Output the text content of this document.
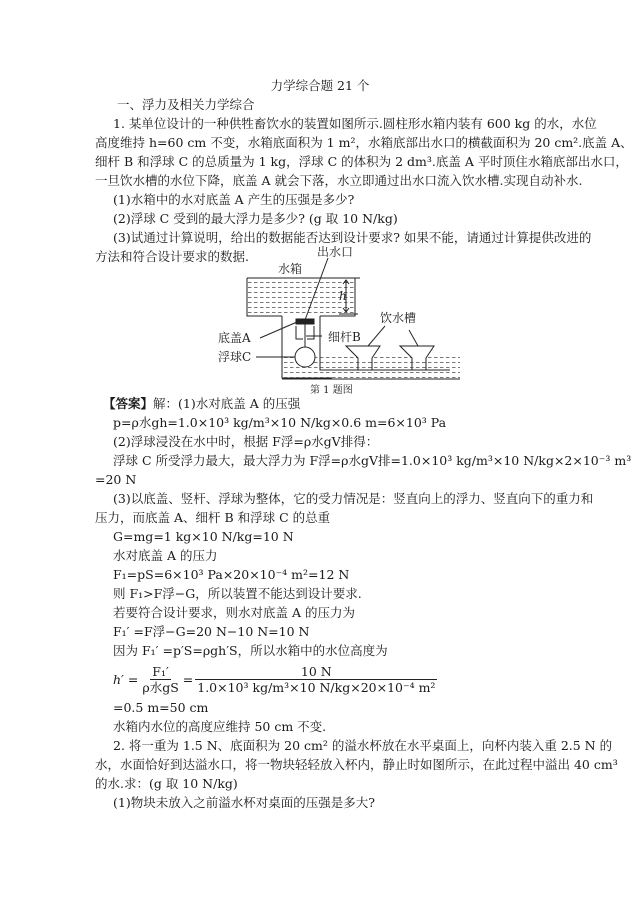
力学综合题 21 个
一、浮力及相关力学综合
1. 某单位设计的一种供牲畜饮水的装置如图所示.圆柱形水箱内装有 600 kg 的水，水位
高度维持 h=60 cm 不变，水箱底面积为 1 m²，水箱底部出水口的横截面积为 20 cm².底盖 A、
细杆 B 和浮球 C 的总质量为 1 kg，浮球 C 的体积为 2 dm³.底盖 A 平时顶住水箱底部出水口，
一旦饮水槽的水位下降，底盖 A 就会下落，水立即通过出水口流入饮水槽.实现自动补水.
(1)水箱中的水对底盖 A 产生的压强是多少?
(2)浮球 C 受到的最大浮力是多少? (g 取 10 N/kg)
(3)试通过计算说明，给出的数据能否达到设计要求? 如果不能，请通过计算提供改进的
方法和符合设计要求的数据.
h
水箱
出水口
底盖A	细杆B
饮水槽
浮球C
第 1 题图
【答案】解：(1)水对底盖 A 的压强
p=ρ水gh=1.0×10³ kg/m³×10 N/kg×0.6 m=6×10³ Pa
(2)浮球浸没在水中时，根据 F浮=ρ水gV排得：
浮球 C 所受浮力最大，最大浮力为 F浮=ρ水gV排=1.0×10³ kg/m³×10 N/kg×2×10⁻³ m³
=20 N
(3)以底盖、竖杆、浮球为整体，它的受力情况是：竖直向上的浮力、竖直向下的重力和
压力，而底盖 A、细杆 B 和浮球 C 的总重
G=mg=1 kg×10 N/kg=10 N
水对底盖 A 的压力
F₁=pS=6×10³ Pa×20×10⁻⁴ m²=12 N
则 F₁>F浮−G，所以装置不能达到设计要求.
若要符合设计要求，则水对底盖 A 的压力为
F₁′ =F浮−G=20 N−10 N=10 N
因为 F₁′ =p′S=ρgh′S，所以水箱中的水位高度为
h′ =
F₁′
ρ水gS
= $\frac{10 N}{\text{1.0×10³ kg/m³×10 N/kg×20×10⁻⁴ m²}}$
=0.5 m=50 cm
水箱内水位的高度应维持 50 cm 不变.
2. 将一重为 1.5 N、底面积为 20 cm² 的溢水杯放在水平桌面上，向杯内装入重 2.5 N 的
水，水面恰好到达溢水口，将一物块轻轻放入杯内，静止时如图所示，在此过程中溢出 40 cm³
的水.求：(g 取 10 N/kg)
(1)物块未放入之前溢水杯对桌面的压强是多大?
